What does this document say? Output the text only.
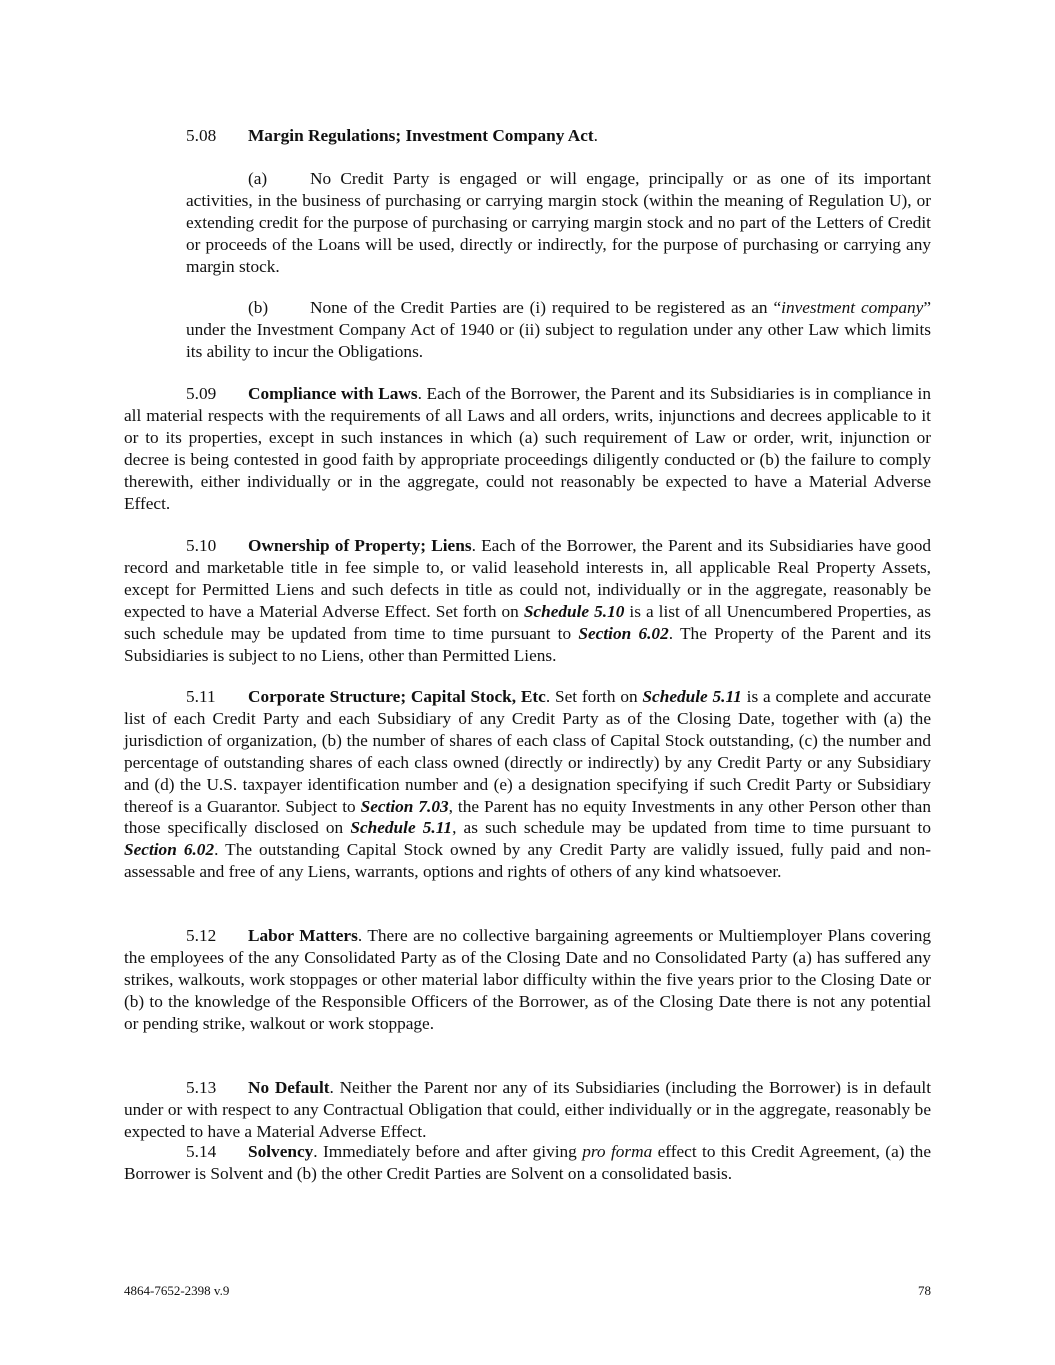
5.08 Margin Regulations; Investment Company Act.

(a) No Credit Party is engaged or will engage, principally or as one of its important activities, in the business of purchasing or carrying margin stock (within the meaning of Regulation U), or extending credit for the purpose of purchasing or carrying margin stock and no part of the Letters of Credit or proceeds of the Loans will be used, directly or indirectly, for the purpose of purchasing or carrying any margin stock.

(b) None of the Credit Parties are (i) required to be registered as an “investment company” under the Investment Company Act of 1940 or (ii) subject to regulation under any other Law which limits its ability to incur the Obligations.

5.09 Compliance with Laws. Each of the Borrower, the Parent and its Subsidiaries is in compliance in all material respects with the requirements of all Laws and all orders, writs, injunctions and decrees applicable to it or to its properties, except in such instances in which (a) such requirement of Law or order, writ, injunction or decree is being contested in good faith by appropriate proceedings diligently conducted or (b) the failure to comply therewith, either individually or in the aggregate, could not reasonably be expected to have a Material Adverse Effect.

5.10 Ownership of Property; Liens. Each of the Borrower, the Parent and its Subsidiaries have good record and marketable title in fee simple to, or valid leasehold interests in, all applicable Real Property Assets, except for Permitted Liens and such defects in title as could not, individually or in the aggregate, reasonably be expected to have a Material Adverse Effect. Set forth on Schedule 5.10 is a list of all Unencumbered Properties, as such schedule may be updated from time to time pursuant to Section 6.02. The Property of the Parent and its Subsidiaries is subject to no Liens, other than Permitted Liens.

5.11 Corporate Structure; Capital Stock, Etc. Set forth on Schedule 5.11 is a complete and accurate list of each Credit Party and each Subsidiary of any Credit Party as of the Closing Date, together with (a) the jurisdiction of organization, (b) the number of shares of each class of Capital Stock outstanding, (c) the number and percentage of outstanding shares of each class owned (directly or indirectly) by any Credit Party or any Subsidiary and (d) the U.S. taxpayer identification number and (e) a designation specifying if such Credit Party or Subsidiary thereof is a Guarantor. Subject to Section 7.03, the Parent has no equity Investments in any other Person other than those specifically disclosed on Schedule 5.11, as such schedule may be updated from time to time pursuant to Section 6.02. The outstanding Capital Stock owned by any Credit Party are validly issued, fully paid and non-assessable and free of any Liens, warrants, options and rights of others of any kind whatsoever.

5.12 Labor Matters. There are no collective bargaining agreements or Multiemployer Plans covering the employees of the any Consolidated Party as of the Closing Date and no Consolidated Party (a) has suffered any strikes, walkouts, work stoppages or other material labor difficulty within the five years prior to the Closing Date or (b) to the knowledge of the Responsible Officers of the Borrower, as of the Closing Date there is not any potential or pending strike, walkout or work stoppage.

5.13 No Default. Neither the Parent nor any of its Subsidiaries (including the Borrower) is in default under or with respect to any Contractual Obligation that could, either individually or in the aggregate, reasonably be expected to have a Material Adverse Effect.

5.14 Solvency. Immediately before and after giving pro forma effect to this Credit Agreement, (a) the Borrower is Solvent and (b) the other Credit Parties are Solvent on a consolidated basis.

4864-7652-2398 v.9	78
